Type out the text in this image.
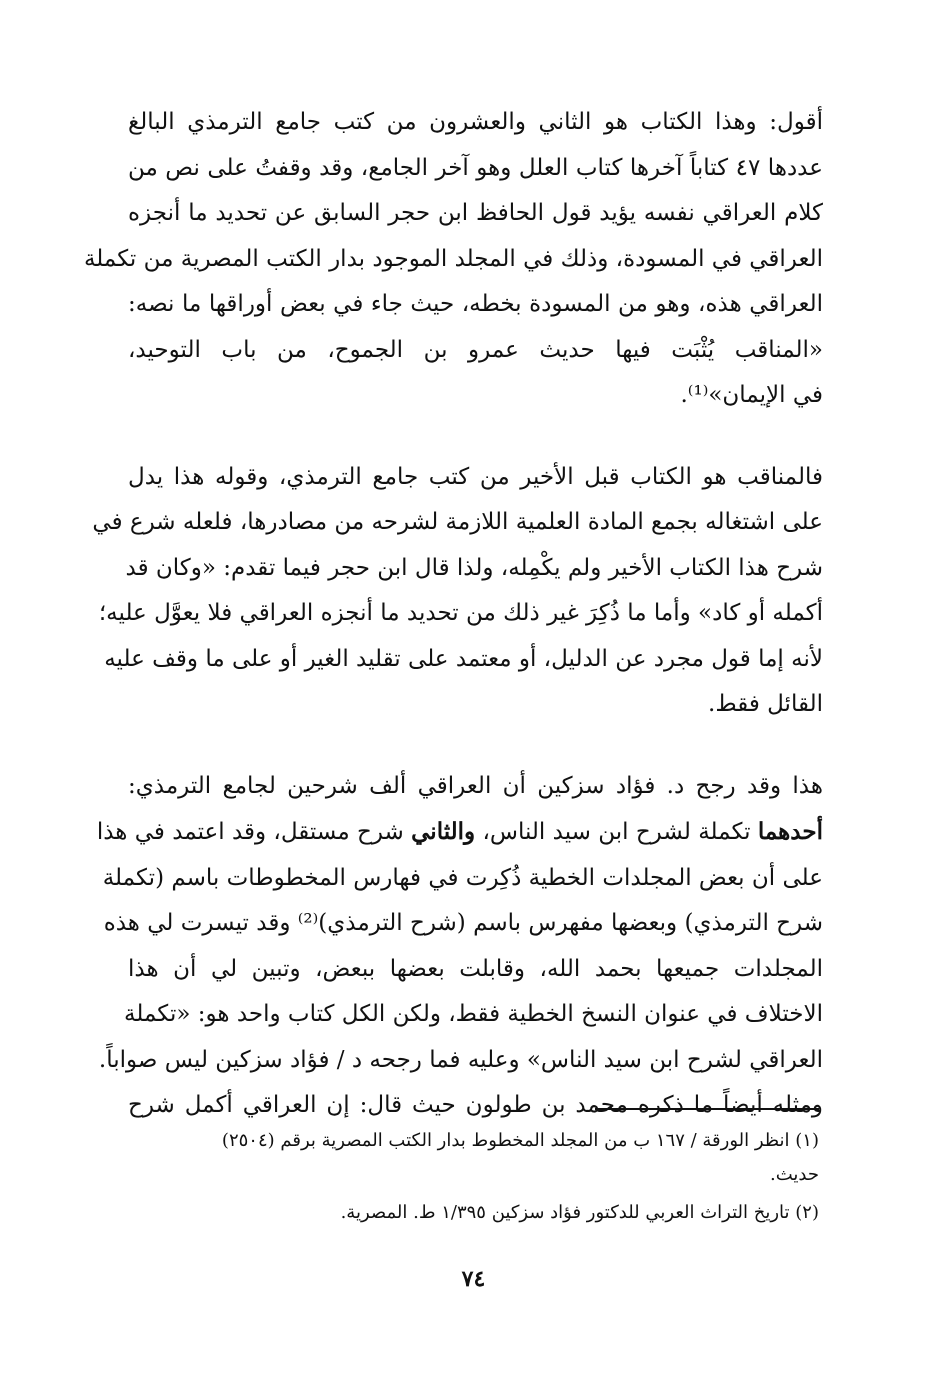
أقول: وهذا الكتاب هو الثاني والعشرون من كتب جامع الترمذي البالغ
عددها ٤٧ كتاباً آخرها كتاب العلل وهو آخر الجامع، وقد وقفتُ على نص من
كلام العراقي نفسه يؤيد قول الحافظ ابن حجر السابق عن تحديد ما أنجزه
العراقي في المسودة، وذلك في المجلد الموجود بدار الكتب المصرية من تكملة
العراقي هذه، وهو من المسودة بخطه، حيث جاء في بعض أوراقها ما نصه:
«المناقب يُثْبَت فيها حديث عمرو بن الجموح، من باب التوحيد،
في الإيمان»⁽¹⁾.

فالمناقب هو الكتاب قبل الأخير من كتب جامع الترمذي، وقوله هذا يدل
على اشتغاله بجمع المادة العلمية اللازمة لشرحه من مصادرها، فلعله شرع في
شرح هذا الكتاب الأخير ولم يكْمِله، ولذا قال ابن حجر فيما تقدم: «وكان قد
أكمله أو كاد» وأما ما ذُكِرَ غير ذلك من تحديد ما أنجزه العراقي فلا يعوَّل عليه؛
لأنه إما قول مجرد عن الدليل، أو معتمد على تقليد الغير أو على ما وقف عليه
القائل فقط.

هذا وقد رجح د. فؤاد سزكين أن العراقي ألف شرحين لجامع الترمذي:
أحدهما تكملة لشرح ابن سيد الناس، والثاني شرح مستقل، وقد اعتمد في هذا
على أن بعض المجلدات الخطية ذُكِرت في فهارس المخطوطات باسم (تكملة
شرح الترمذي) وبعضها مفهرس باسم (شرح الترمذي)⁽²⁾ وقد تيسرت لي هذه
المجلدات جميعها بحمد الله، وقابلت بعضها ببعض، وتبين لي أن هذا
الاختلاف في عنوان النسخ الخطية فقط، ولكن الكل كتاب واحد هو: «تكملة
العراقي لشرح ابن سيد الناس» وعليه فما رجحه د / فؤاد سزكين ليس صواباً.
ومثله أيضاً ما ذكره محمد بن طولون حيث قال: إن العراقي أكمل شرح

(١) انظر الورقة / ١٦٧ ب من المجلد المخطوط بدار الكتب المصرية برقم (٢٥٠٤)
حديث.

(٢) تاريخ التراث العربي للدكتور فؤاد سزكين ١/٣٩٥ ط. المصرية.

٧٤
